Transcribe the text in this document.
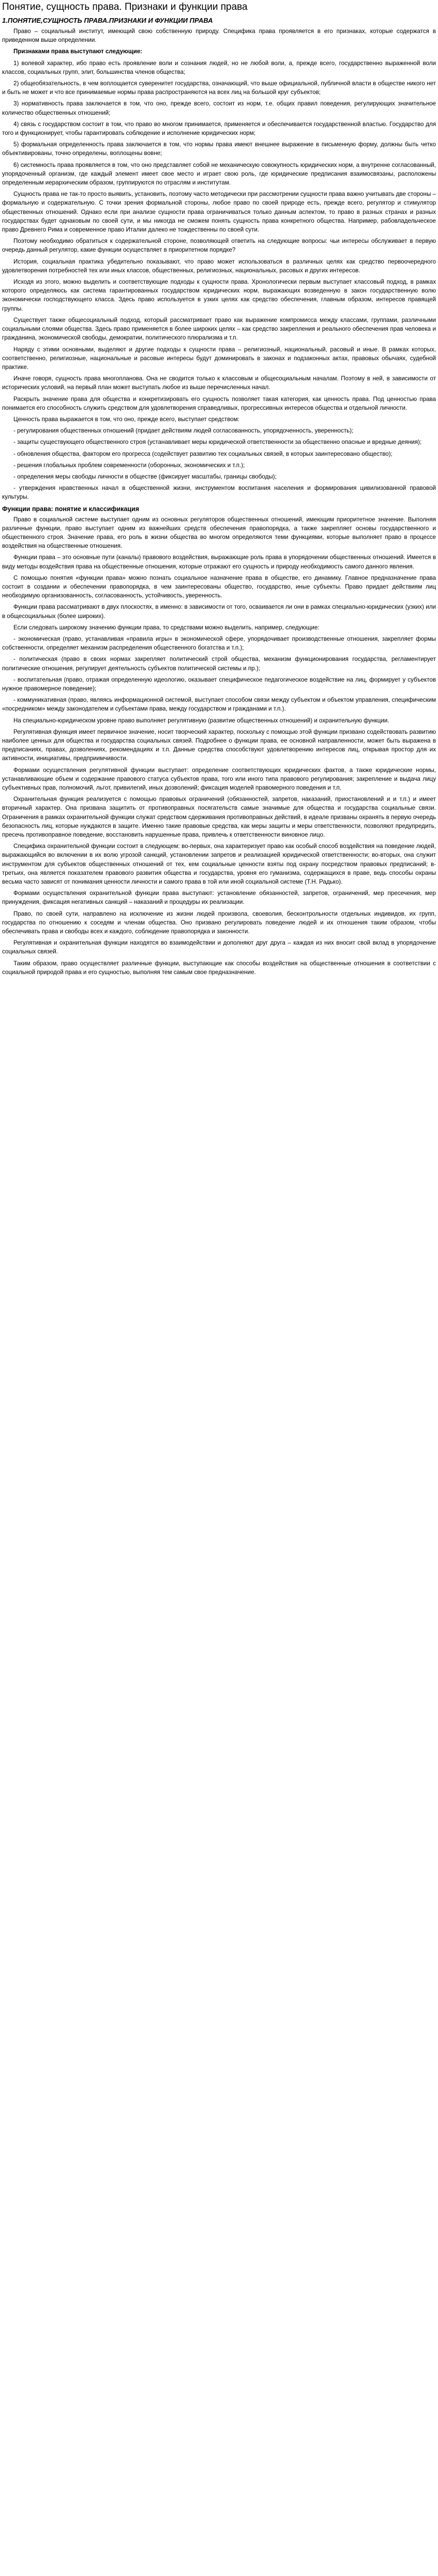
Понятие, сущность права. Признаки и функции права
1.ПОНЯТИЕ,СУЩНОСТЬ ПРАВА.ПРИЗНАКИ И ФУНКЦИИ ПРАВА

Право – социальный институт, имеющий свою собственную природу. Специфика права проявляется в его признаках, которые содержатся в приведенном выше определении.

Признаками права выступают следующие:

1) волевой характер, ибо право есть проявление воли и сознания людей, но не любой воли, а, прежде всего, государственно выраженной воли классов, социальных групп, элит, большинства членов общества;

2) общеобязательность, в чем воплощается суверенитет государства, означающий, что выше официальной, публичной власти в обществе никого нет и быть не может и что все принимаемые нормы права распространяются на всех лиц на большой круг субъектов;

3) нормативность права заключается в том, что оно, прежде всего, состоит из норм, т.е. общих правил поведения, регулирующих значительное количество общественных отношений;

4) связь с государством состоит в том, что право во многом принимается, применяется и обеспечивается государственной властью. Государство для того и функционирует, чтобы гарантировать соблюдение и исполнение юридических норм;

5) формальная определенность права заключается в том, что нормы права имеют внешнее выражение в письменную форму, должны быть четко объективированы, точно определены, воплощены вовне;

6) системность права проявляется в том, что оно представляет собой не механическую совокупность юридических норм, а внутренне согласованный, упорядоченный организм, где каждый элемент имеет свое место и играет свою роль, где юридические предписания взаимосвязаны, расположены определенным иерархическим образом, группируются по отраслям и институтам.

Сущность права не так-то просто выявить, установить, поэтому часто методически при рассмотрении сущности права важно учитывать две стороны – формальную и содержательную. С точки зрения формальной стороны, любое право по своей природе есть, прежде всего, регулятор и стимулятор общественных отношений. Однако если при анализе сущности права ограничиваться только данным аспектом, то право в разных странах и разных государствах будет однаковым по своей сути, и мы никогда не сможем понять сущность права конкретного общества. Например, рабовладельческое право Древнего Рима и современное право Италии далеко не тождественны по своей сути.

Поэтому необходимо обратиться к содержательной стороне, позволяющей ответить на следующие вопросы: чьи интересы обслуживает в первую очередь данный регулятор, какие функции осуществляет в приоритетном порядке?

История, социальная практика убедительно показывают, что право может использоваться в различных целях как средство первоочередного удовлетворения потребностей тех или иных классов, общественных, религиозных, национальных, расовых и других интересов.

Исходя из этого, можно выделить и соответствующие подходы к сущности права. Хронологически первым выступает классовый подход, в рамках которого определяюсь как система гарантированных государством юридических норм, выражающих возведенную в закон государственную волю экономически господствующего класса. Здесь право используется в узких целях как средство обеспечения, главным образом, интересов правящей группы.

Существует также общесоциальный подход, который рассматривает право как выражение компромисса между классами, группами, различными социальными слоями общества. Здесь право применяется в более широких целях – как средство закрепления и реального обеспечения прав человека и гражданина, экономической свободы, демократии, политического плюрализма и т.п.

Наряду с этими основными, выделяют и другие подходы к сущности права – религиозный, национальный, расовый и иные. В рамках которых, соответственно, религиозные, национальные и расовые интересы будут доминировать в законах и подзаконных актах, правовых обычаях, судебной практике.

Иначе говоря, сущность права многопланова. Она не сводится только к классовым и общесоциальным началам. Поэтому в ней, в зависимости от исторических условий, на первый план может выступать любое из выше перечисленных начал.

Раскрыть значение права для общества и конкретизировать его сущность позволяет такая категория, как ценность права. Под ценностью права понимается его способность служить средством для удовлетворения справедливых, прогрессивных интересов общества и отдельной личности.

Ценность права выражается в том, что оно, прежде всего, выступает средством:

- регулирования общественных отношений (придает действиям людей согласованность, упорядоченность, уверенность);

- защиты существующего общественного строя (устанавливает меры юридической ответственности за общественно опасные и вредные деяния);

- обновления общества, фактором его прогресса (содействует развитию тех социальных связей, в которых заинтересовано общество);

- решения глобальных проблем современности (оборонных, экономических и т.п.);

- определения меры свободы личности в обществе (фиксирует масштабы, границы свободы);

- утверждения нравственных начал в общественной жизни, инструментом воспитания населения и формирования цивилизованной правовой культуры.

Функции права: понятие и классификация

Право в социальной системе выступает одним из основных регуляторов общественных отношений, имеющим приоритетное значение. Выполняя различные функции, право выступает одним из важнейших средств обеспечения правопорядка, а также закрепляет основы государственного и общественного строя. Значение права, его роль в жизни общества во многом определяются теми функциями, которые выполняет право в процессе воздействия на общественные отношения.

Функции права – это основные пути (каналы) правового воздействия, выражающие роль права в упорядочении общественных отношений. Имеется в виду методы воздействия права на общественные отношения, которые отражают его сущность и природу необходимость самого данного явления.

С помощью понятия «функции права» можно познать социальное назначение права в обществе, его динамику. Главное предназначение права состоит в создании и обеспечении правопорядка, в чем заинтересованы общество, государство, иные субъекты. Право придает действиям лиц необходимую организованность, согласованность, устойчивость, уверенность.

Функции права рассматривают в двух плоскостях, в именно: в зависимости от того, осваивается ли они в рамках специально-юридических (узких) или в общесоциальных (более широких).

Если следовать широкому значению функции права, то средствами можно выделить, например, следующие:

- экономическая (право, устанавливая «правила игры» в экономической сфере, упорядочивает производственные отношения, закрепляет формы собственности, определяет механизм распределения общественного богатства и т.п.);

- политическая (право в своих нормах закрепляет политический строй общества, механизм функционирования государства, регламентирует политические отношения, регулирует деятельность субъектов политической системы и пр.);

- воспитательная (право, отражая определенную идеологию, оказывает специфическое педагогическое воздействие на лиц, формирует у субъектов нужное правомерное поведение);

- коммуникативная (право, являясь информационной системой, выступает способом связи между субъектом и объектом управления, специфическим «посредником» между законодателем и субъектами права, между государством и гражданами и т.п.).

На специально-юридическом уровне право выполняет регулятивную (развитие общественных отношений) и охранительную функции.

Регулятивная функция имеет первичное значение, носит творческий характер, поскольку с помощью этой функции призвано содействовать развитию наиболее ценных для общества и государства социальных связей. Подробнее о функции права, ее основной направленности, может быть выражена в предписаниях, правах, дозволениях, рекомендациях и т.п. Данные средства способствуют удовлетворению интересов лиц, открывая простор для их активности, инициативы, предприимчивости.

Формами осуществления регулятивной функции выступает: определение соответствующих юридических фактов, а также юридические нормы, устанавливающие объем и содержание правового статуса субъектов права, того или иного типа правового регулирования; закрепление и выдача лицу субъективных прав, полномочий, льгот, привилегий, иных дозволений; фиксация моделей правомерного поведения и т.п.

Охранительная функция реализуется с помощью правовых ограничений (обязанностей, запретов, наказаний, приостановлений и и т.п.) и имеет вторичный характер. Она призвана защитить от противоправных посягательств самые значимые для общества и государства социальные связи. Ограничения в рамках охранительной функции служат средством сдерживания противоправных действий, в идеале призваны охранять в первую очередь безопасность лиц, которые нуждаются в защите. Именно такие правовые средства, как меры защиты и меры ответственности, позволяют предупредить, пресечь противоправное поведение, восстановить нарушенные права, привлечь к ответственности виновное лицо.

Специфика охранительной функции состоит в следующем: во-первых, она характеризует право как особый способ воздействия на поведение людей, выражающийся во включении в их волю угрозой санкций, установлении запретов и реализацией юридической ответственности; во-вторых, она служит инструментом для субъектов общественных отношений от тех, кем социальные ценности взяты под охрану посредством правовых предписаний; в-третьих, она является показателем правового развития общества и государства, уровня его гуманизма, содержащихся в праве, ведь способы охраны весьма часто зависят от понимания ценности личности и самого права в той или иной социальной системе (Т.Н. Радько).

Формами осуществления охранительной функции права выступают: установление обязанностей, запретов, ограничений, мер пресечения, мер принуждения, фиксация негативных санкций – наказаний и процедуры их реализации.

Право, по своей сути, направлено на исключение из жизни людей произвола, своеволия, бесконтрольности отдельных индивидов, их групп, государства по отношению к соседям и членам общества. Оно призвано регулировать поведение людей и их отношения таким образом, чтобы обеспечивать права и свободы всех и каждого, соблюдение правопорядка и законности.

Регулятивная и охранительная функции находятся во взаимодействии и дополняют друг друга – каждая из них вносит свой вклад в упорядочение социальных связей.

Таким образом, право осуществляет различные функции, выступающие как способы воздействия на общественные отношения в соответствии с социальной природой права и его сущностью, выполняя тем самым свое предназначение.
